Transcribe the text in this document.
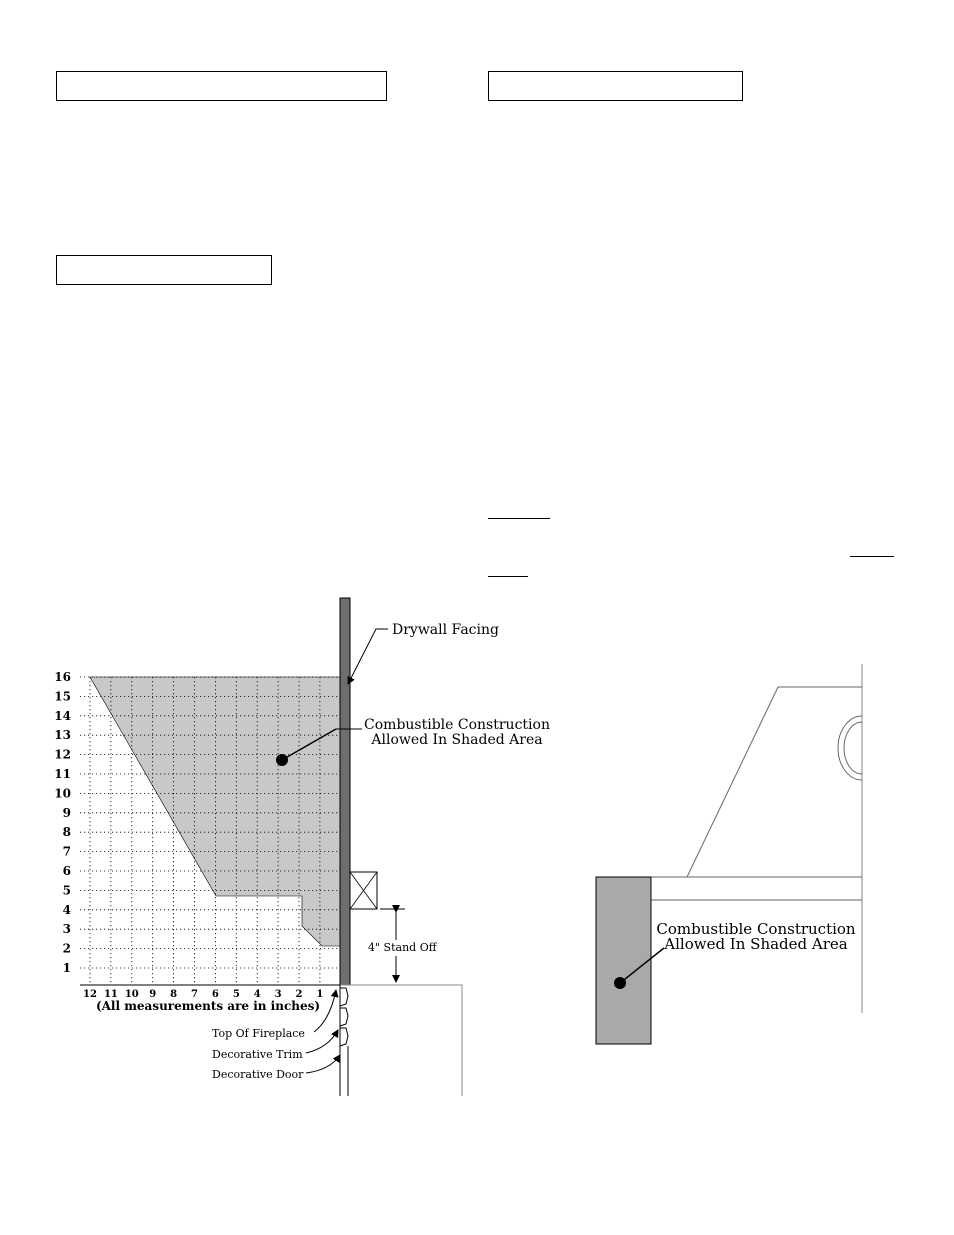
16
15
14
13
12
11
10
9
8
7
6
5
4
3
2
1
12 11 10 9 8 7 6 5 4 3 2 1
(All measurements are in inches)
4" Stand Off
Drywall Facing
Combustible Construction
Allowed In Shaded Area
Top Of Fireplace
Decorative Trim
Decorative Door
Combustible Construction
Allowed In Shaded Area
